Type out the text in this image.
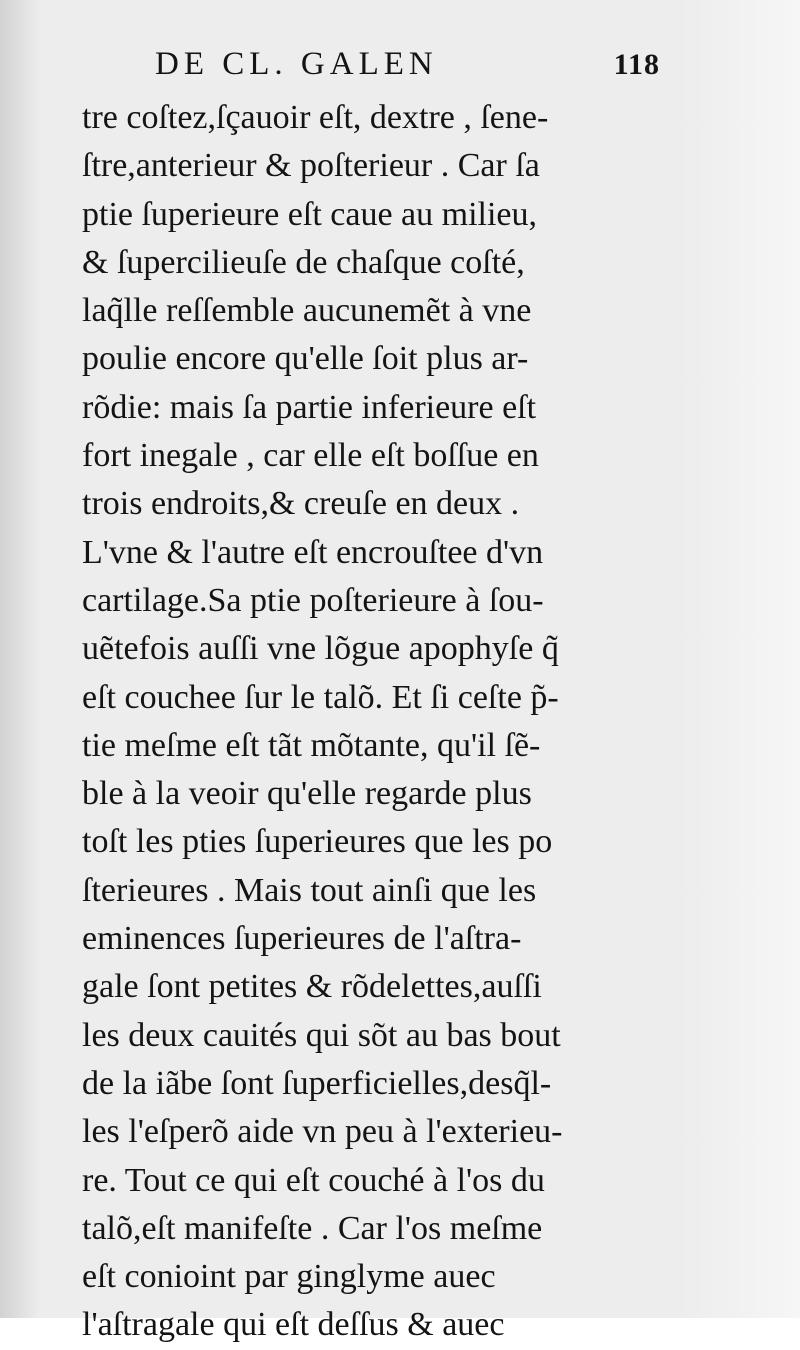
DE CL. GALEN	118
tre coſtez,ſçauoir eſt, dextre , ſene-
ſtre,anterieur & poſterieur . Car ſa
ptie ſuperieure eſt caue au milieu,
& ſupercilieuſe de chaſque coſté,
laq̃lle reſſemble aucunemẽt à vne
poulie encore qu'elle ſoit plus ar-
rõdie: mais ſa partie inferieure eſt
fort inegale , car elle eſt boſſue en
trois endroits,& creuſe en deux .
L'vne & l'autre eſt encrouſtee d'vn
cartilage.Sa ptie poſterieure à ſou-
uẽtefois auſſi vne lõgue apophyſe q̃
eſt couchee ſur le talõ. Et ſi ceſte p̃-
tie meſme eſt tãt mõtante, qu'il ſẽ-
ble à la veoir qu'elle regarde plus
toſt les pties ſuperieures que les po
ſterieures . Mais tout ainſi que les
eminences ſuperieures de l'aſtra-
gale ſont petites & rõdelettes,auſſi
les deux cauités qui sõt au bas bout
de la iãbe ſont ſuperficielles,desq̃l-
les l'eſperõ aide vn peu à l'exterieu-
re. Tout ce qui eſt couché à l'os du
talõ,eſt manifeſte . Car l'os meſme
eſt conioint par ginglyme auec
l'aſtragale qui eſt deſſus & auec
